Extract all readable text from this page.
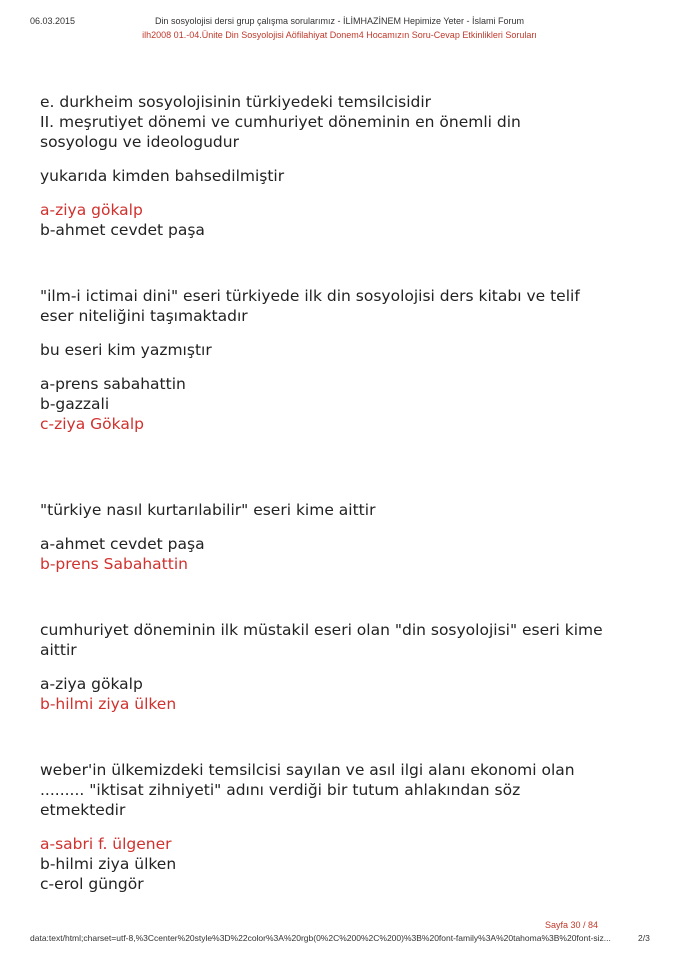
06.03.2015	Din sosyolojisi dersi grup çalışma sorularımız - İLİMHAZİNEM Hepimize Yeter - İslami Forum
ilh2008 01.-04.Ünite Din Sosyolojisi Aöfilahiyat Donem4 Hocamızın Soru-Cevap Etkinlikleri Soruları
e. durkheim sosyolojisinin türkiyedeki temsilcisidir
II. meşrutiyet dönemi ve cumhuriyet döneminin en önemli din
sosyologu ve ideologudur
yukarıda kimden bahsedilmiştir
a-ziya gökalp
b-ahmet cevdet paşa
"ilm-i ictimai dini" eseri türkiyede ilk din sosyolojisi ders kitabı ve telif
eser niteliğini taşımaktadır
bu eseri kim yazmıştır
a-prens sabahattin
b-gazzali
c-ziya Gökalp
"türkiye nasıl kurtarılabilir" eseri kime aittir
a-ahmet cevdet paşa
b-prens Sabahattin
cumhuriyet döneminin ilk müstakil eseri olan "din sosyolojisi" eseri kime
aittir
a-ziya gökalp
b-hilmi ziya ülken
weber'in ülkemizdeki temsilcisi sayılan ve asıl ilgi alanı ekonomi olan
......... "iktisat zihniyeti" adını verdiği bir tutum ahlakından söz
etmektedir
a-sabri f. ülgener
b-hilmi ziya ülken
c-erol güngör
Sayfa 30 / 84
data:text/html;charset=utf-8,%3Ccenter%20style%3D%22color%3A%20rgb(0%2C%200%2C%200)%3B%20font-family%3A%20tahoma%3B%20font-siz...	2/3
